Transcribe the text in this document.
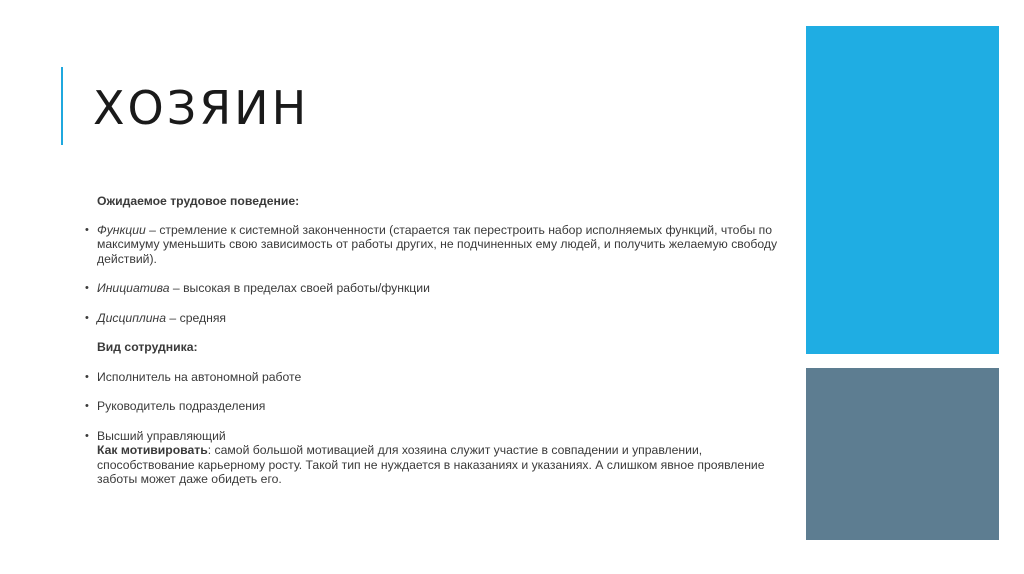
ХОЗЯИН

Ожидаемое трудовое поведение:

• Функции – стремление к системной законченности (старается так перестроить набор исполняемых функций, чтобы по максимуму уменьшить свою зависимость от работы других, не подчиненных ему людей, и получить желаемую свободу действий).
• Инициатива – высокая в пределах своей работы/функции
• Дисциплина – средняя

Вид сотрудника:

• Исполнитель на автономной работе
• Руководитель подразделения
• Высший управляющий

Как мотивировать: самой большой мотивацией для хозяина служит участие в совпадении и управлении, способствование карьерному росту. Такой тип не нуждается в наказаниях и указаниях. А слишком явное проявление заботы может даже обидеть его.
